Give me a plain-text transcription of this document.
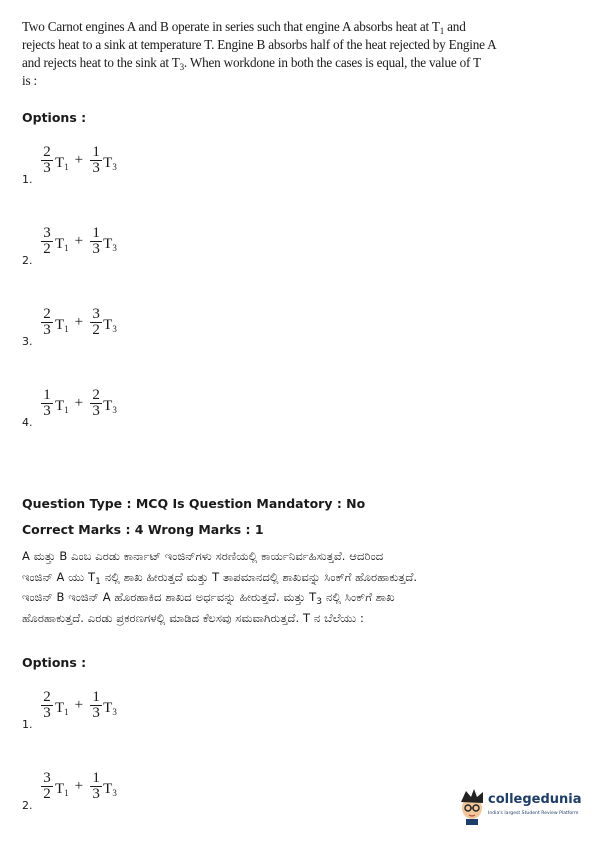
Two Carnot engines A and B operate in series such that engine A absorbs heat at $T_1$ and
rejects heat to a sink at temperature T. Engine B absorbs half of the heat rejected by Engine A
and rejects heat to the sink at $T_3$. When workdone in both the cases is equal, the value of T
is :
Options :
$\frac{2}{3} T_1 + \frac{1}{3} T_3$
1.
$\frac{3}{2} T_1 + \frac{1}{3} T_3$
2.
$\frac{2}{3} T_1 + \frac{3}{2} T_3$
3.
$\frac{1}{3} T_1 + \frac{2}{3} T_3$
4.
Question Type : MCQ Is Question Mandatory : No
Correct Marks : 4 Wrong Marks : 1
A ಮತ್ತು B ಎಂಬ ಎರಡು ಕಾರ್ನಾಟ್ ಇಂಜಿನ್‌ಗಳು ಸರಣಿಯಲ್ಲಿ ಕಾರ್ಯನಿರ್ವಹಿಸುತ್ತವೆ. ಆದರಿಂದ
ಇಂಜಿನ್ A ಯು $T_1$ ನಲ್ಲಿ ಶಾಖ ಹೀರುತ್ತದೆ ಮತ್ತು T ತಾಪಮಾನದಲ್ಲಿ ಶಾಖವನ್ನು ಸಿಂಕ್‌ಗೆ ಹೊರಹಾಕುತ್ತದೆ.
ಇಂಜಿನ್ B ಇಂಜಿನ್ A ಹೊರಹಾಕಿದ ಶಾಖದ ಅರ್ಧವನ್ನು ಹೀರುತ್ತದೆ. ಮತ್ತು $T_3$ ನಲ್ಲಿ ಸಿಂಕ್‌ಗೆ ಶಾಖ
ಹೊರಹಾಕುತ್ತದೆ. ಎರಡು ಪ್ರಕರಣಗಳಲ್ಲಿ ಮಾಡಿದ ಕೆಲಸವು ಸಮವಾಗಿರುತ್ತದೆ. T ನ ಬೆಲೆಯು :
Options :
$\frac{2}{3} T_1 + \frac{1}{3} T_3$
1.
$\frac{3}{2} T_1 + \frac{1}{3} T_3$
2.	collegedunia
India's largest Student Review Platform
